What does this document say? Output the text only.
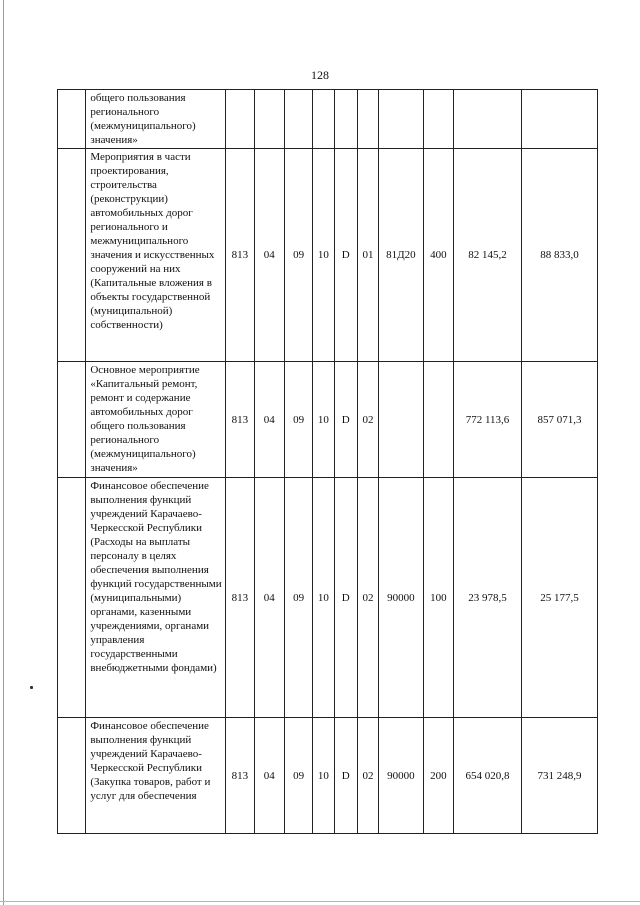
128
	общего пользования регионального (межмуниципального) значения»										
	Мероприятия в части проектирования, строительства (реконструкции) автомобильных дорог регионального и межмуниципального значения и искусственных сооружений на них (Капитальные вложения в объекты государственной (муниципальной) собственности)	813	04	09	10	D	01	81Д20	400	82 145,2	88 833,0
	Основное мероприятие «Капитальный ремонт, ремонт и содержание автомобильных дорог общего пользования регионального (межмуниципального) значения»	813	04	09	10	D	02			772 113,6	857 071,3
	Финансовое обеспечение выполнения функций учреждений Карачаево-Черкесской Республики (Расходы на выплаты персоналу в целях обеспечения выполнения функций государственными (муниципальными) органами, казенными учреждениями, органами управления государственными внебюджетными фондами)	813	04	09	10	D	02	90000	100	23 978,5	25 177,5
	Финансовое обеспечение выполнения функций учреждений Карачаево-Черкесской Республики (Закупка товаров, работ и услуг для обеспечения	813	04	09	10	D	02	90000	200	654 020,8	731 248,9
